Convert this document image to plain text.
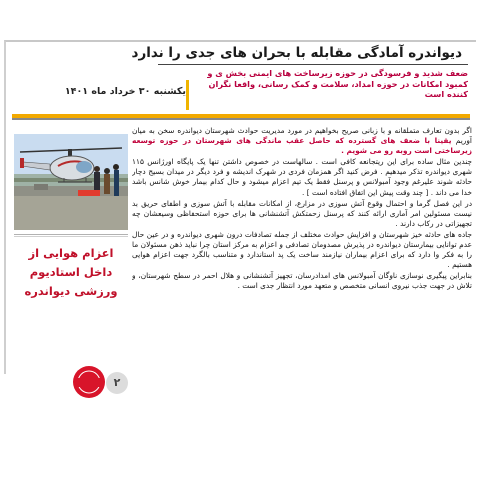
دیواندره آمادگی مقابله با بحران های جدی را ندارد
یکشنبه ۳۰ خرداد ماه ۱۴۰۱
ضعف شدید و فرسودگی در حوزه زیرساخت های ایمنی بخش ی و کمبود امکانات در حوزه امداد، سلامت و کمک رسانی، واقعا نگران کننده است

اگر بدون تعارف متملقانه و با زبانی صریح بخواهیم در مورد مدیریت حوادث شهرستان دیواندره سخن به میان آوریم یقینا با ضعف های گسترده که حاصل عقب ماندگی های شهرستان در حوزه توسعه زیرساختی است روبه رو می شویم .

چندین مثال ساده برای این ریتجانعه کافی است . سالهاست در خصوص داشتن تنها یک پایگاه اورژانس ۱۱۵ شهری دیواندره تذکر میدهیم . فرض کنید اگر همزمان فردی در شهرک اندیشه و فرد دیگر در میدان بسیج دچار حادثه شوند علیرغم وجود آمبولانس و پرسنل فقط یک تیم اعزام میشود و حال کدام بیمار خوش شانس باشد خدا می داند . [ چند وقت پیش این اتفاق افتاده است ] .

در این فصل گرما و احتمال وقوع آتش سوزی در مزارع، از امکانات مقابله با آتش سوزی و اطفای حریق بد نیست مسئولین امر آماری ارائه کنند که پرسنل زحمتکش آتشنشانی ها برای حوزه استحفاظی وسیعشان چه تجهیزاتی در رکاب دارند .

جاده های حادثه خیز شهرستان و افزایش حوادث مختلف از جمله تصادفات درون شهری دیواندره و در عین حال عدم توانایی بیمارستان دیواندره در پذیرش مصدومان تصادفی و اعزام به مرکز استان چرا نباید ذهن مسئولان ما را به فکر وا دارد که برای اعزام بیماران نیازمند ساخت یک پد استاندارد و متناسب بالگرد جهت اعزام هوایی هستیم .

بنابراین پیگیری نوسازی ناوگان آمبولانس های امدادرسان، تجهیز آتشنشانی و هلال احمر در سطح شهرستان، و تلاش در جهت جذب نیروی انسانی متخصص و متعهد مورد انتظار جدی است .

اعزام هوایی از داخل استادیوم ورزشی دیواندره
۲
